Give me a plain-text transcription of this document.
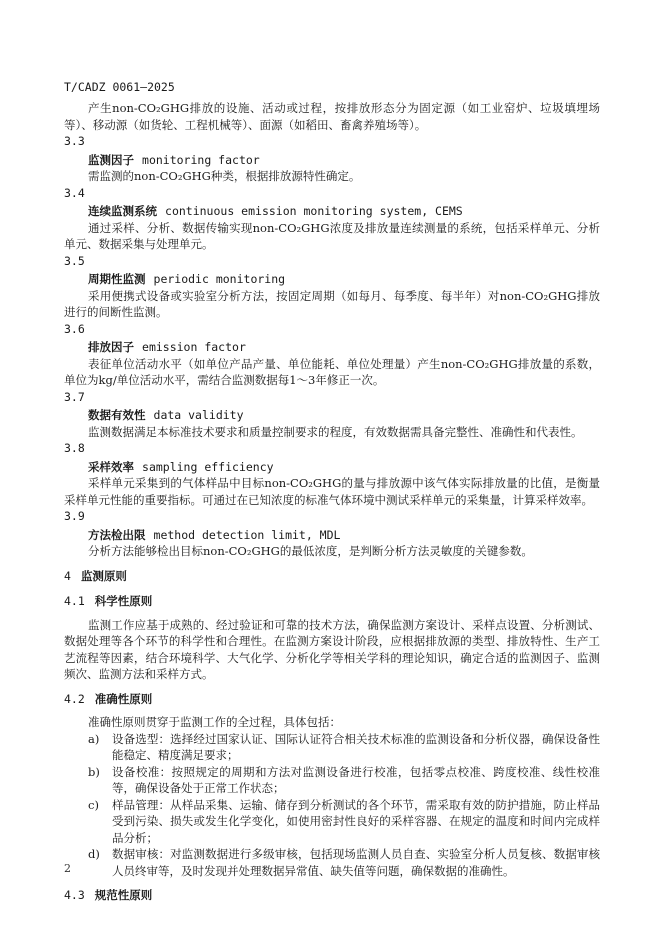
T/CADZ 0061—2025

产生non-CO₂GHG排放的设施、活动或过程，按排放形态分为固定源（如工业窑炉、垃圾填埋场等）、移动源（如货轮、工程机械等）、面源（如稻田、畜禽养殖场等）。

3.3

监测因子 monitoring factor

需监测的non-CO₂GHG种类，根据排放源特性确定。

3.4

连续监测系统 continuous emission monitoring system, CEMS

通过采样、分析、数据传输实现non-CO₂GHG浓度及排放量连续测量的系统，包括采样单元、分析单元、数据采集与处理单元。

3.5

周期性监测 periodic monitoring

采用便携式设备或实验室分析方法，按固定周期（如每月、每季度、每半年）对non-CO₂GHG排放进行的间断性监测。

3.6

排放因子 emission factor

表征单位活动水平（如单位产品产量、单位能耗、单位处理量）产生non-CO₂GHG排放量的系数，单位为kg/单位活动水平，需结合监测数据每1～3年修正一次。

3.7

数据有效性 data validity

监测数据满足本标准技术要求和质量控制要求的程度，有效数据需具备完整性、准确性和代表性。

3.8

采样效率 sampling efficiency

采样单元采集到的气体样品中目标non-CO₂GHG的量与排放源中该气体实际排放量的比值，是衡量采样单元性能的重要指标。可通过在已知浓度的标准气体环境中测试采样单元的采集量，计算采样效率。

3.9

方法检出限 method detection limit, MDL

分析方法能够检出目标non-CO₂GHG的最低浓度，是判断分析方法灵敏度的关键参数。

4 监测原则
4.1 科学性原则

监测工作应基于成熟的、经过验证和可靠的技术方法，确保监测方案设计、采样点设置、分析测试、数据处理等各个环节的科学性和合理性。在监测方案设计阶段，应根据排放源的类型、排放特性、生产工艺流程等因素，结合环境科学、大气化学、分析化学等相关学科的理论知识，确定合适的监测因子、监测频次、监测方法和采样方式。

4.2 准确性原则

准确性原则贯穿于监测工作的全过程，具体包括：

a)	设备选型：选择经过国家认证、国际认证符合相关技术标准的监测设备和分析仪器，确保设备性能稳定、精度满足要求；
b)	设备校准：按照规定的周期和方法对监测设备进行校准，包括零点校准、跨度校准、线性校准等，确保设备处于正常工作状态；
c)	样品管理：从样品采集、运输、储存到分析测试的各个环节，需采取有效的防护措施，防止样品受到污染、损失或发生化学变化，如使用密封性良好的采样容器、在规定的温度和时间内完成样品分析；
d)	数据审核：对监测数据进行多级审核，包括现场监测人员自查、实验室分析人员复核、数据审核人员终审等，及时发现并处理数据异常值、缺失值等问题，确保数据的准确性。
4.3 规范性原则
2
